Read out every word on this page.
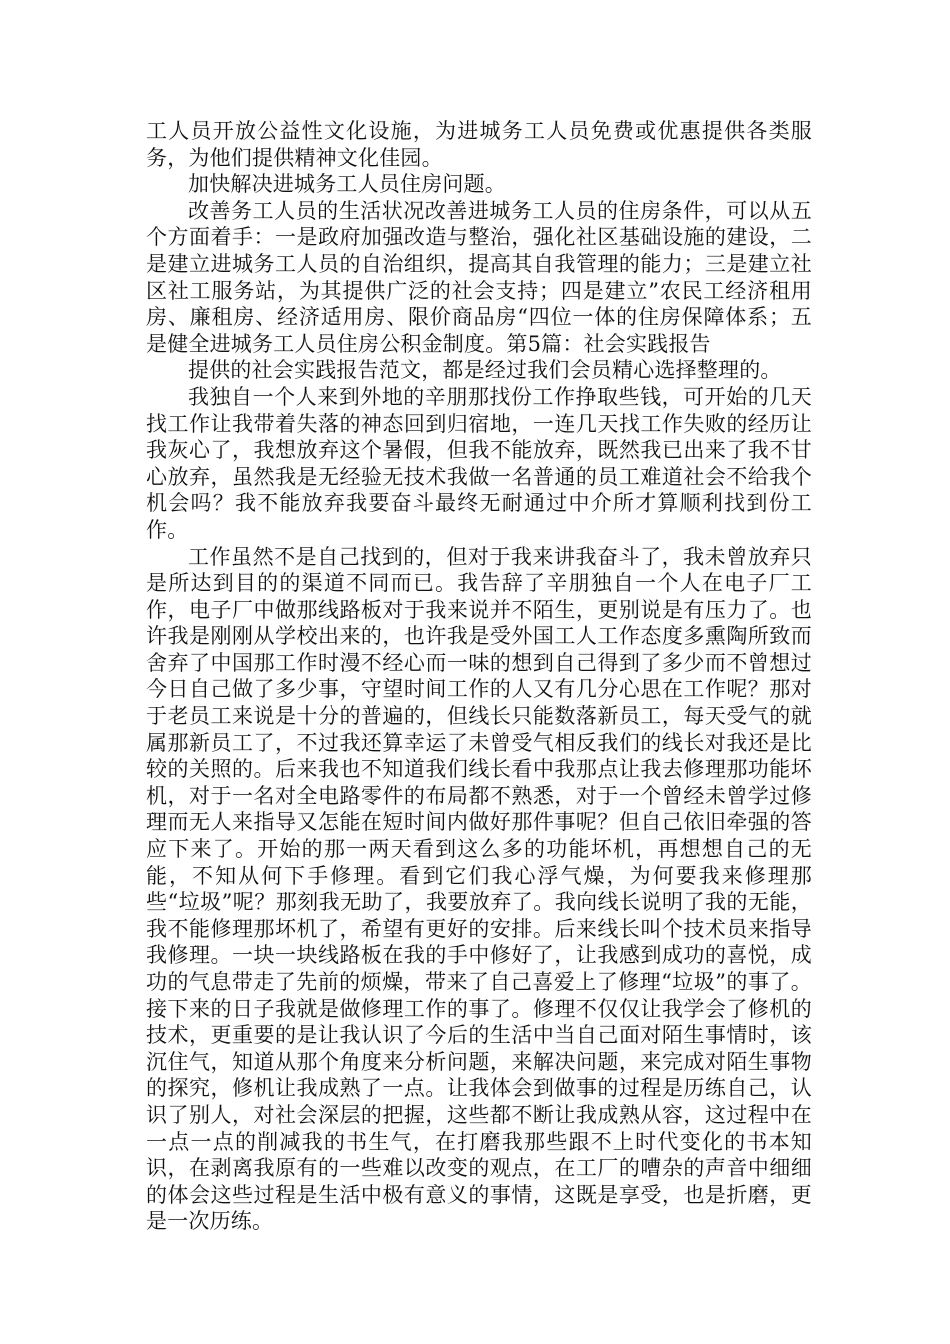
工人员开放公益性文化设施，为进城务工人员免费或优惠提供各类服务，为他们提供精神文化佳园。

加快解决进城务工人员住房问题。

改善务工人员的生活状况改善进城务工人员的住房条件，可以从五个方面着手：一是政府加强改造与整治，强化社区基础设施的建设，二是建立进城务工人员的自治组织，提高其自我管理的能力；三是建立社区社工服务站，为其提供广泛的社会支持；四是建立”农民工经济租用房、廉租房、经济适用房、限价商品房“四位一体的住房保障体系；五是健全进城务工人员住房公积金制度。第5篇：社会实践报告

提供的社会实践报告范文，都是经过我们会员精心选择整理的。

我独自一个人来到外地的辛朋那找份工作挣取些钱，可开始的几天找工作让我带着失落的神态回到归宿地，一连几天找工作失败的经历让我灰心了，我想放弃这个暑假，但我不能放弃，既然我已出来了我不甘心放弃，虽然我是无经验无技术我做一名普通的员工难道社会不给我个机会吗？我不能放弃我要奋斗最终无耐通过中介所才算顺利找到份工作。

工作虽然不是自己找到的，但对于我来讲我奋斗了，我未曾放弃只是所达到目的的渠道不同而已。我告辞了辛朋独自一个人在电子厂工作，电子厂中做那线路板对于我来说并不陌生，更别说是有压力了。也许我是刚刚从学校出来的，也许我是受外国工人工作态度多熏陶所致而舍弃了中国那工作时漫不经心而一味的想到自己得到了多少而不曾想过今日自己做了多少事，守望时间工作的人又有几分心思在工作呢？那对于老员工来说是十分的普遍的，但线长只能数落新员工，每天受气的就属那新员工了，不过我还算幸运了未曾受气相反我们的线长对我还是比较的关照的。后来我也不知道我们线长看中我那点让我去修理那功能坏机，对于一名对全电路零件的布局都不熟悉，对于一个曾经未曾学过修理而无人来指导又怎能在短时间内做好那件事呢？但自己依旧牵强的答应下来了。开始的那一两天看到这么多的功能坏机，再想想自己的无能，不知从何下手修理。看到它们我心浮气燥，为何要我来修理那些“垃圾”呢？那刻我无助了，我要放弃了。我向线长说明了我的无能，我不能修理那坏机了，希望有更好的安排。后来线长叫个技术员来指导我修理。一块一块线路板在我的手中修好了，让我感到成功的喜悦，成功的气息带走了先前的烦燥，带来了自己喜爱上了修理“垃圾”的事了。接下来的日子我就是做修理工作的事了。修理不仅仅让我学会了修机的技术，更重要的是让我认识了今后的生活中当自己面对陌生事情时，该沉住气，知道从那个角度来分析问题，来解决问题，来完成对陌生事物的探究，修机让我成熟了一点。让我体会到做事的过程是历练自己，认识了别人，对社会深层的把握，这些都不断让我成熟从容，这过程中在一点一点的削减我的书生气，在打磨我那些跟不上时代变化的书本知识，在剥离我原有的一些难以改变的观点，在工厂的嘈杂的声音中细细的体会这些过程是生活中极有意义的事情，这既是享受，也是折磨，更是一次历练。
